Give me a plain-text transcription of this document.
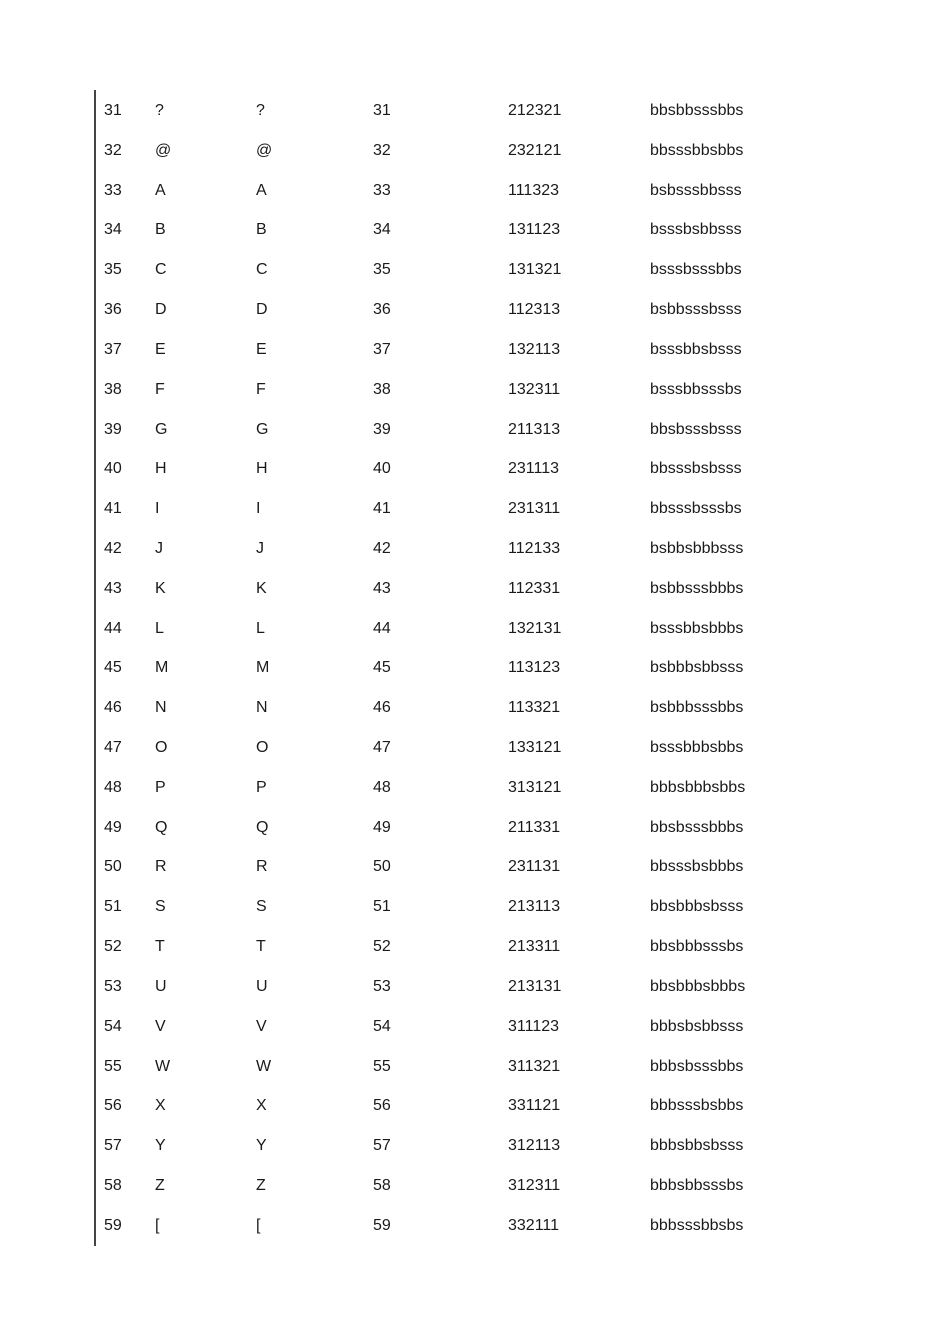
31 ?	?	31	212321	bbsbbsssbbs
32 @	@	32	232121	bbsssbbsbbs
33 A	A	33	111323	bsbsssbbsss
34 B	B	34	131123	bsssbsbbsss
35 C	C	35	131321	bsssbsssbbs
36 D	D	36	112313	bsbbsssbsss
37 E	E	37	132113	bsssbbsbsss
38 F	F	38	132311	bsssbbsssbs
39 G	G	39	211313	bbsbsssbsss
40 H	H	40	231113	bbsssbsbsss
41 I	I	41	231311	bbsssbsssbs
42 J	J	42	112133	bsbbsbbbsss
43 K	K	43	112331	bsbbsssbbbs
44 L	L	44	132131	bsssbbsbbbs
45 M	M	45	113123	bsbbbsbbsss
46 N	N	46	113321	bsbbbsssbbs
47 O	O	47	133121	bsssbbbsbbs
48 P	P	48	313121	bbbsbbbsbbs
49 Q	Q	49	211331	bbsbsssbbbs
50 R	R	50	231131	bbsssbsbbbs
51 S	S	51	213113	bbsbbbsbsss
52 T	T	52	213311	bbsbbbsssbs
53 U	U	53	213131	bbsbbbsbbbs
54 V	V	54	311123	bbbsbsbbsss
55 W	W	55	311321	bbbsbsssbbs
56 X	X	56	331121	bbbsssbsbbs
57 Y	Y	57	312113	bbbsbbsbsss
58 Z	Z	58	312311	bbbsbbsssbs
59 [	[	59	332111	bbbsssbbsbs
